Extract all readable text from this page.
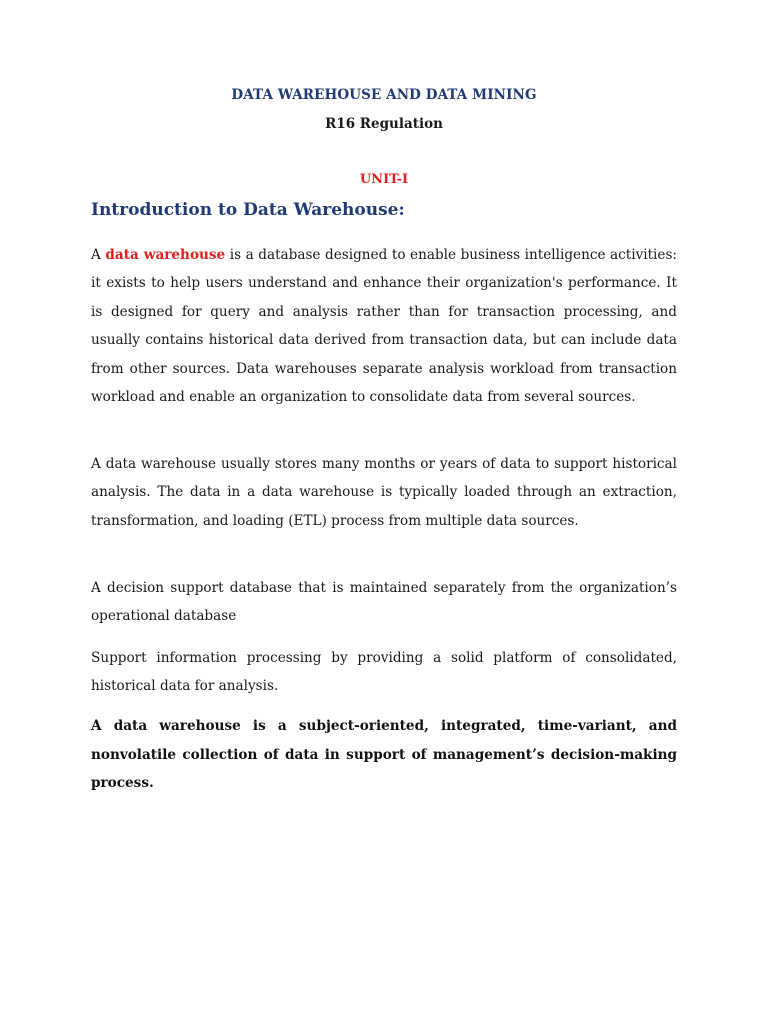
DATA WAREHOUSE AND DATA MINING
R16 Regulation
UNIT-I
Introduction to Data Warehouse:

A data warehouse is a database designed to enable business intelligence activities: it exists to help users understand and enhance their organization's performance. It is designed for query and analysis rather than for transaction processing, and usually contains historical data derived from transaction data, but can include data from other sources. Data warehouses separate analysis workload from transaction workload and enable an organization to consolidate data from several sources.

A data warehouse usually stores many months or years of data to support historical analysis. The data in a data warehouse is typically loaded through an extraction, transformation, and loading (ETL) process from multiple data sources.

A decision support database that is maintained separately from the organization’s operational database

Support information processing by providing a solid platform of consolidated, historical data for analysis.

A data warehouse is a subject-oriented, integrated, time-variant, and nonvolatile collection of data in support of management’s decision-making process.
